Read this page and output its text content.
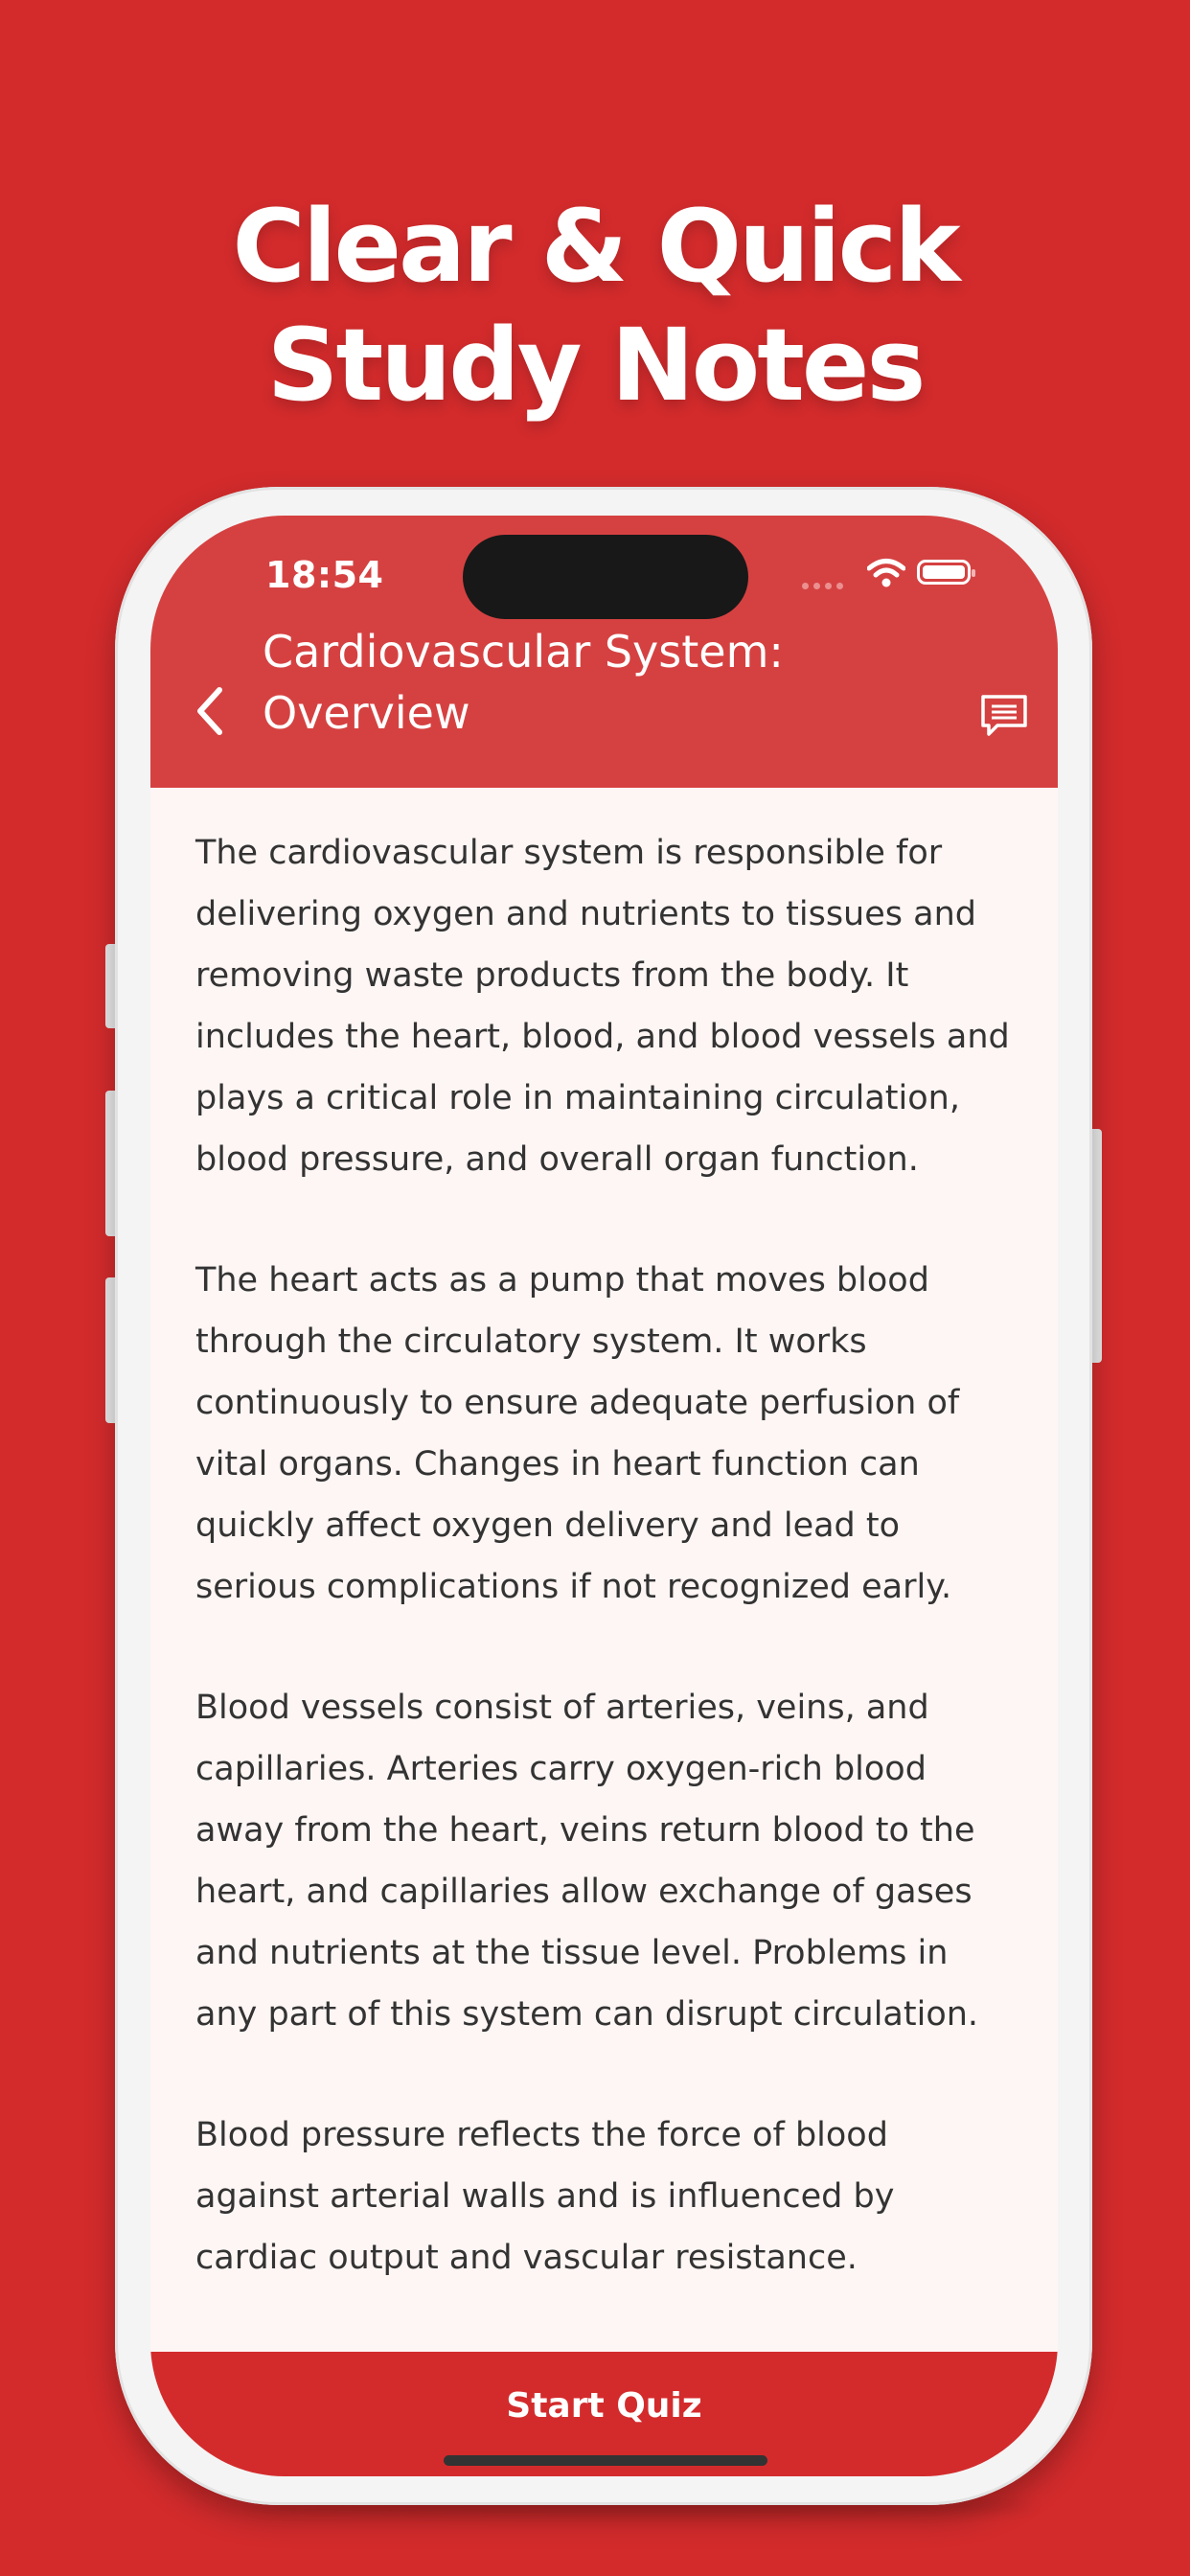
Clear & Quick
Study Notes
18:54
Cardiovascular System:
Overview

The cardiovascular system is responsible for delivering oxygen and nutrients to tissues and removing waste products from the body. It includes the heart, blood, and blood vessels and plays a critical role in maintaining circulation, blood pressure, and overall organ function.

The heart acts as a pump that moves blood through the circulatory system. It works continuously to ensure adequate perfusion of vital organs. Changes in heart function can quickly affect oxygen delivery and lead to serious complications if not recognized early.

Blood vessels consist of arteries, veins, and capillaries. Arteries carry oxygen-rich blood away from the heart, veins return blood to the heart, and capillaries allow exchange of gases and nutrients at the tissue level. Problems in any part of this system can disrupt circulation.

Blood pressure reflects the force of blood against arterial walls and is influenced by cardiac output and vascular resistance.

Start Quiz
